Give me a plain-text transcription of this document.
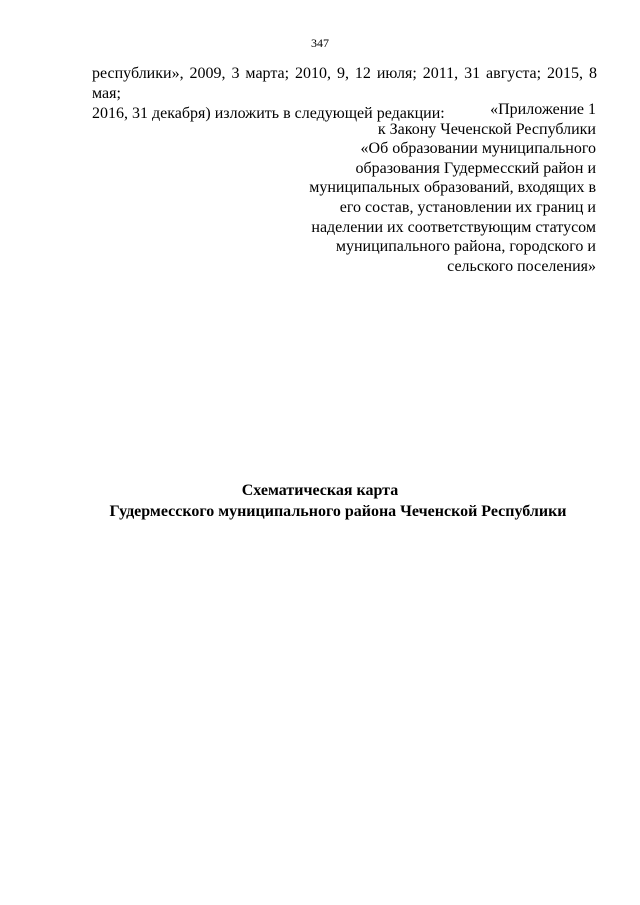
347
республики», 2009, 3 марта; 2010, 9, 12 июля; 2011, 31 августа; 2015, 8 мая;
2016, 31 декабря) изложить в следующей редакции:	«Приложение 1
к Закону Чеченской Республики
«Об образовании муниципального
образования Гудермесский район и
муниципальных образований, входящих в
его состав, установлении их границ и
наделении их соответствующим статусом
муниципального района, городского и
сельского поселения»
Схематическая карта
Гудермесского муниципального района Чеченской Республики
